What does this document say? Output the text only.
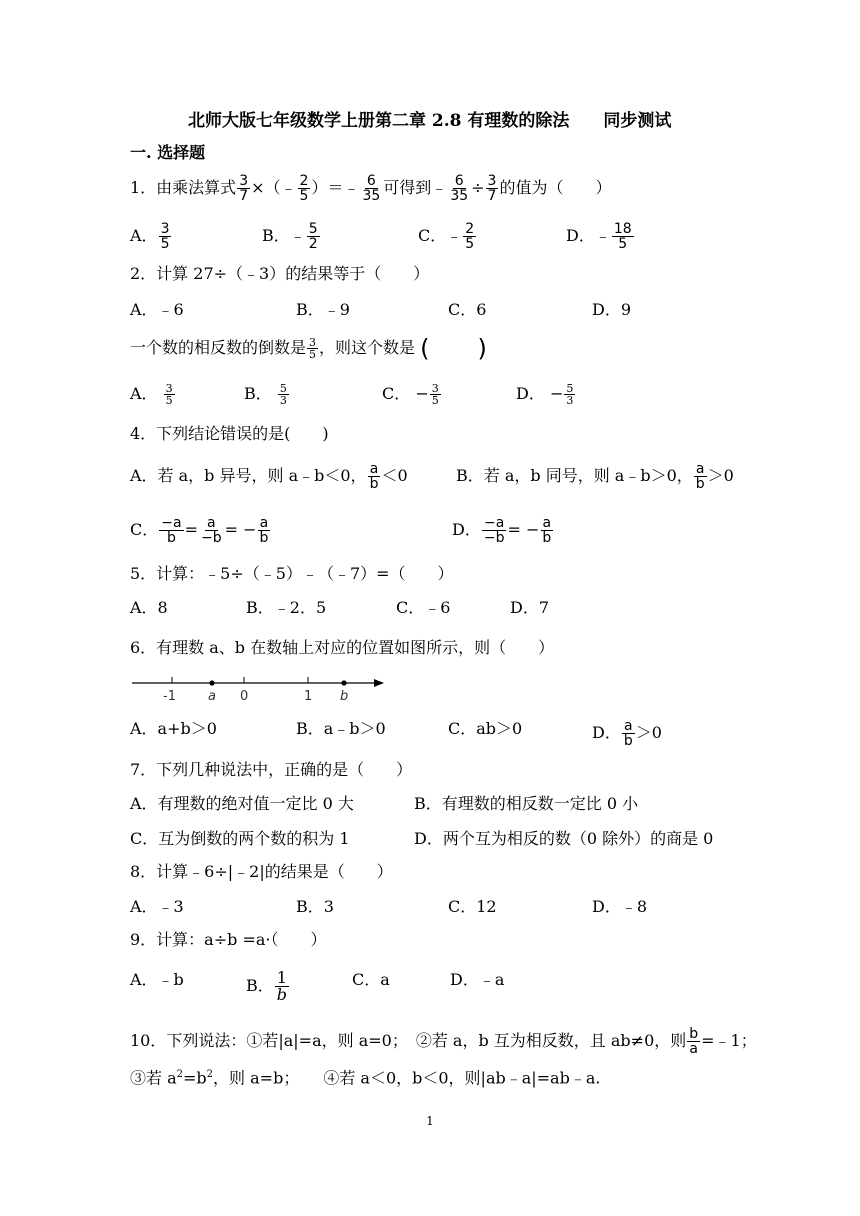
北师大版七年级数学上册第二章 2.8 有理数的除法　　同步测试
一. 选择题
1．由乘法算式 $\frac{3}{7}$ ×（﹣ $\frac{2}{5}$ ）＝﹣ $\frac{6}{35}$ 可得到﹣ $\frac{6}{35} \div \frac{3}{7}$ 的值为（　　）
A． $\frac{3}{5}$	B．﹣ $\frac{5}{2}$	C．﹣ $\frac{2}{5}$	D．﹣ $\frac{18}{5}$
2．计算 27÷（﹣3）的结果等于（　　）
A．﹣6	B．﹣9	C．6	D．9
一个数的相反数的倒数是 $\frac{3}{5}$ ，则这个数是 (　　)
A． $\frac{3}{5}$	B． $\frac{5}{3}$	C． − $\frac{3}{5}$	D． − $\frac{5}{3}$
4．下列结论错误的是(　　)
A．若 a，b 异号，则 a﹣b＜0， $\frac{a}{b} <0$	B．若 a，b 同号，则 a﹣b＞0， $\frac{a}{b} >0$
C． $\frac{-a}{b} = \frac{a}{-b}$ = − $\frac{a}{b}$	D． $\frac{-a}{-b}$ = − $\frac{a}{b}$
5．计算：﹣5÷（﹣5）﹣（﹣7）=（　　）
A．8	B．﹣2．5	C．﹣6	D．7
6．有理数 a、b 在数轴上对应的位置如图所示，则（　　）
-1 a 0	1 b
A．a+b＞0	B．a﹣b＞0	C．ab＞0	D． $\frac{a}{b} >0$
7．下列几种说法中，正确的是（　　）
A．有理数的绝对值一定比 0 大	B．有理数的相反数一定比 0 小
C．互为倒数的两个数的积为 1	D．两个互为相反的数（0 除外）的商是 0
8．计算﹣6÷|﹣2|的结果是（　　）
A．﹣3	B．3	C．12	D．﹣8
9．计算：a÷b =a·（　　）
A．﹣b	B． $\frac{1}{b}$	C．a	D．﹣a
10．下列说法：①若|a|=a，则 a=0；　②若 a，b 互为相反数，且 ab≠0，则 $\frac{b}{a}$ =﹣1；
③若 $a^2=b^2$，则 a=b；　　④若 a＜0，b＜0，则|ab﹣a|=ab﹣a.
1
